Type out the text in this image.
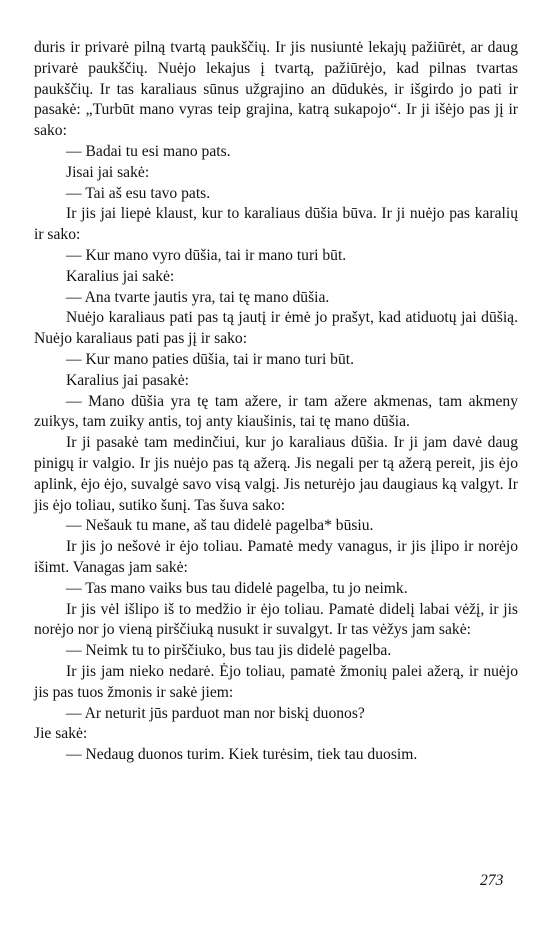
duris ir privarė pilną tvartą paukščių. Ir jis nusiuntė lekajų pažiūrėt, ar daug privarė paukščių. Nuėjo lekajus į tvartą, pažiūrėjo, kad pilnas tvartas paukščių. Ir tas karaliaus sūnus užgrajino an dūdukės, ir išgirdo jo pati ir pasakė: „Turbūt mano vyras teip grajina, katrą sukapojo“. Ir ji išėjo pas jį ir sako:

— Badai tu esi mano pats.

Jisai jai sakė:

— Tai aš esu tavo pats.

Ir jis jai liepė klaust, kur to karaliaus dūšia būva. Ir ji nuėjo pas karalių ir sako:

— Kur mano vyro dūšia, tai ir mano turi būt.

Karalius jai sakė:

— Ana tvarte jautis yra, tai tę mano dūšia.

Nuėjo karaliaus pati pas tą jautį ir ėmė jo prašyt, kad atiduotų jai dūšią. Nuėjo karaliaus pati pas jį ir sako:

— Kur mano paties dūšia, tai ir mano turi būt.

Karalius jai pasakė:

— Mano dūšia yra tę tam ažere, ir tam ažere akmenas, tam akmeny zuikys, tam zuiky antis, toj anty kiaušinis, tai tę mano dūšia.

Ir ji pasakė tam medinčiui, kur jo karaliaus dūšia. Ir ji jam davė daug pinigų ir valgio. Ir jis nuėjo pas tą ažerą. Jis negali per tą ažerą pereit, jis ėjo aplink, ėjo ėjo, suvalgė savo visą valgį. Jis neturėjo jau daugiaus ką valgyt. Ir jis ėjo toliau, sutiko šunį. Tas šuva sako:

— Nešauk tu mane, aš tau didelė pagelba* būsiu.

Ir jis jo nešovė ir ėjo toliau. Pamatė medy vanagus, ir jis įlipo ir norėjo išimt. Vanagas jam sakė:

— Tas mano vaiks bus tau didelė pagelba, tu jo neimk.

Ir jis vėl išlipo iš to medžio ir ėjo toliau. Pamatė didelį labai vėžį, ir jis norėjo nor jo vieną pirščiuką nusukt ir suvalgyt. Ir tas vėžys jam sakė:

— Neimk tu to pirščiuko, bus tau jis didelė pagelba.

Ir jis jam nieko nedarė. Ėjo toliau, pamatė žmonių palei ažerą, ir nuėjo jis pas tuos žmonis ir sakė jiem:

— Ar neturit jūs parduot man nor biskį duonos?

Jie sakė:

— Nedaug duonos turim. Kiek turėsim, tiek tau duosim.

273
